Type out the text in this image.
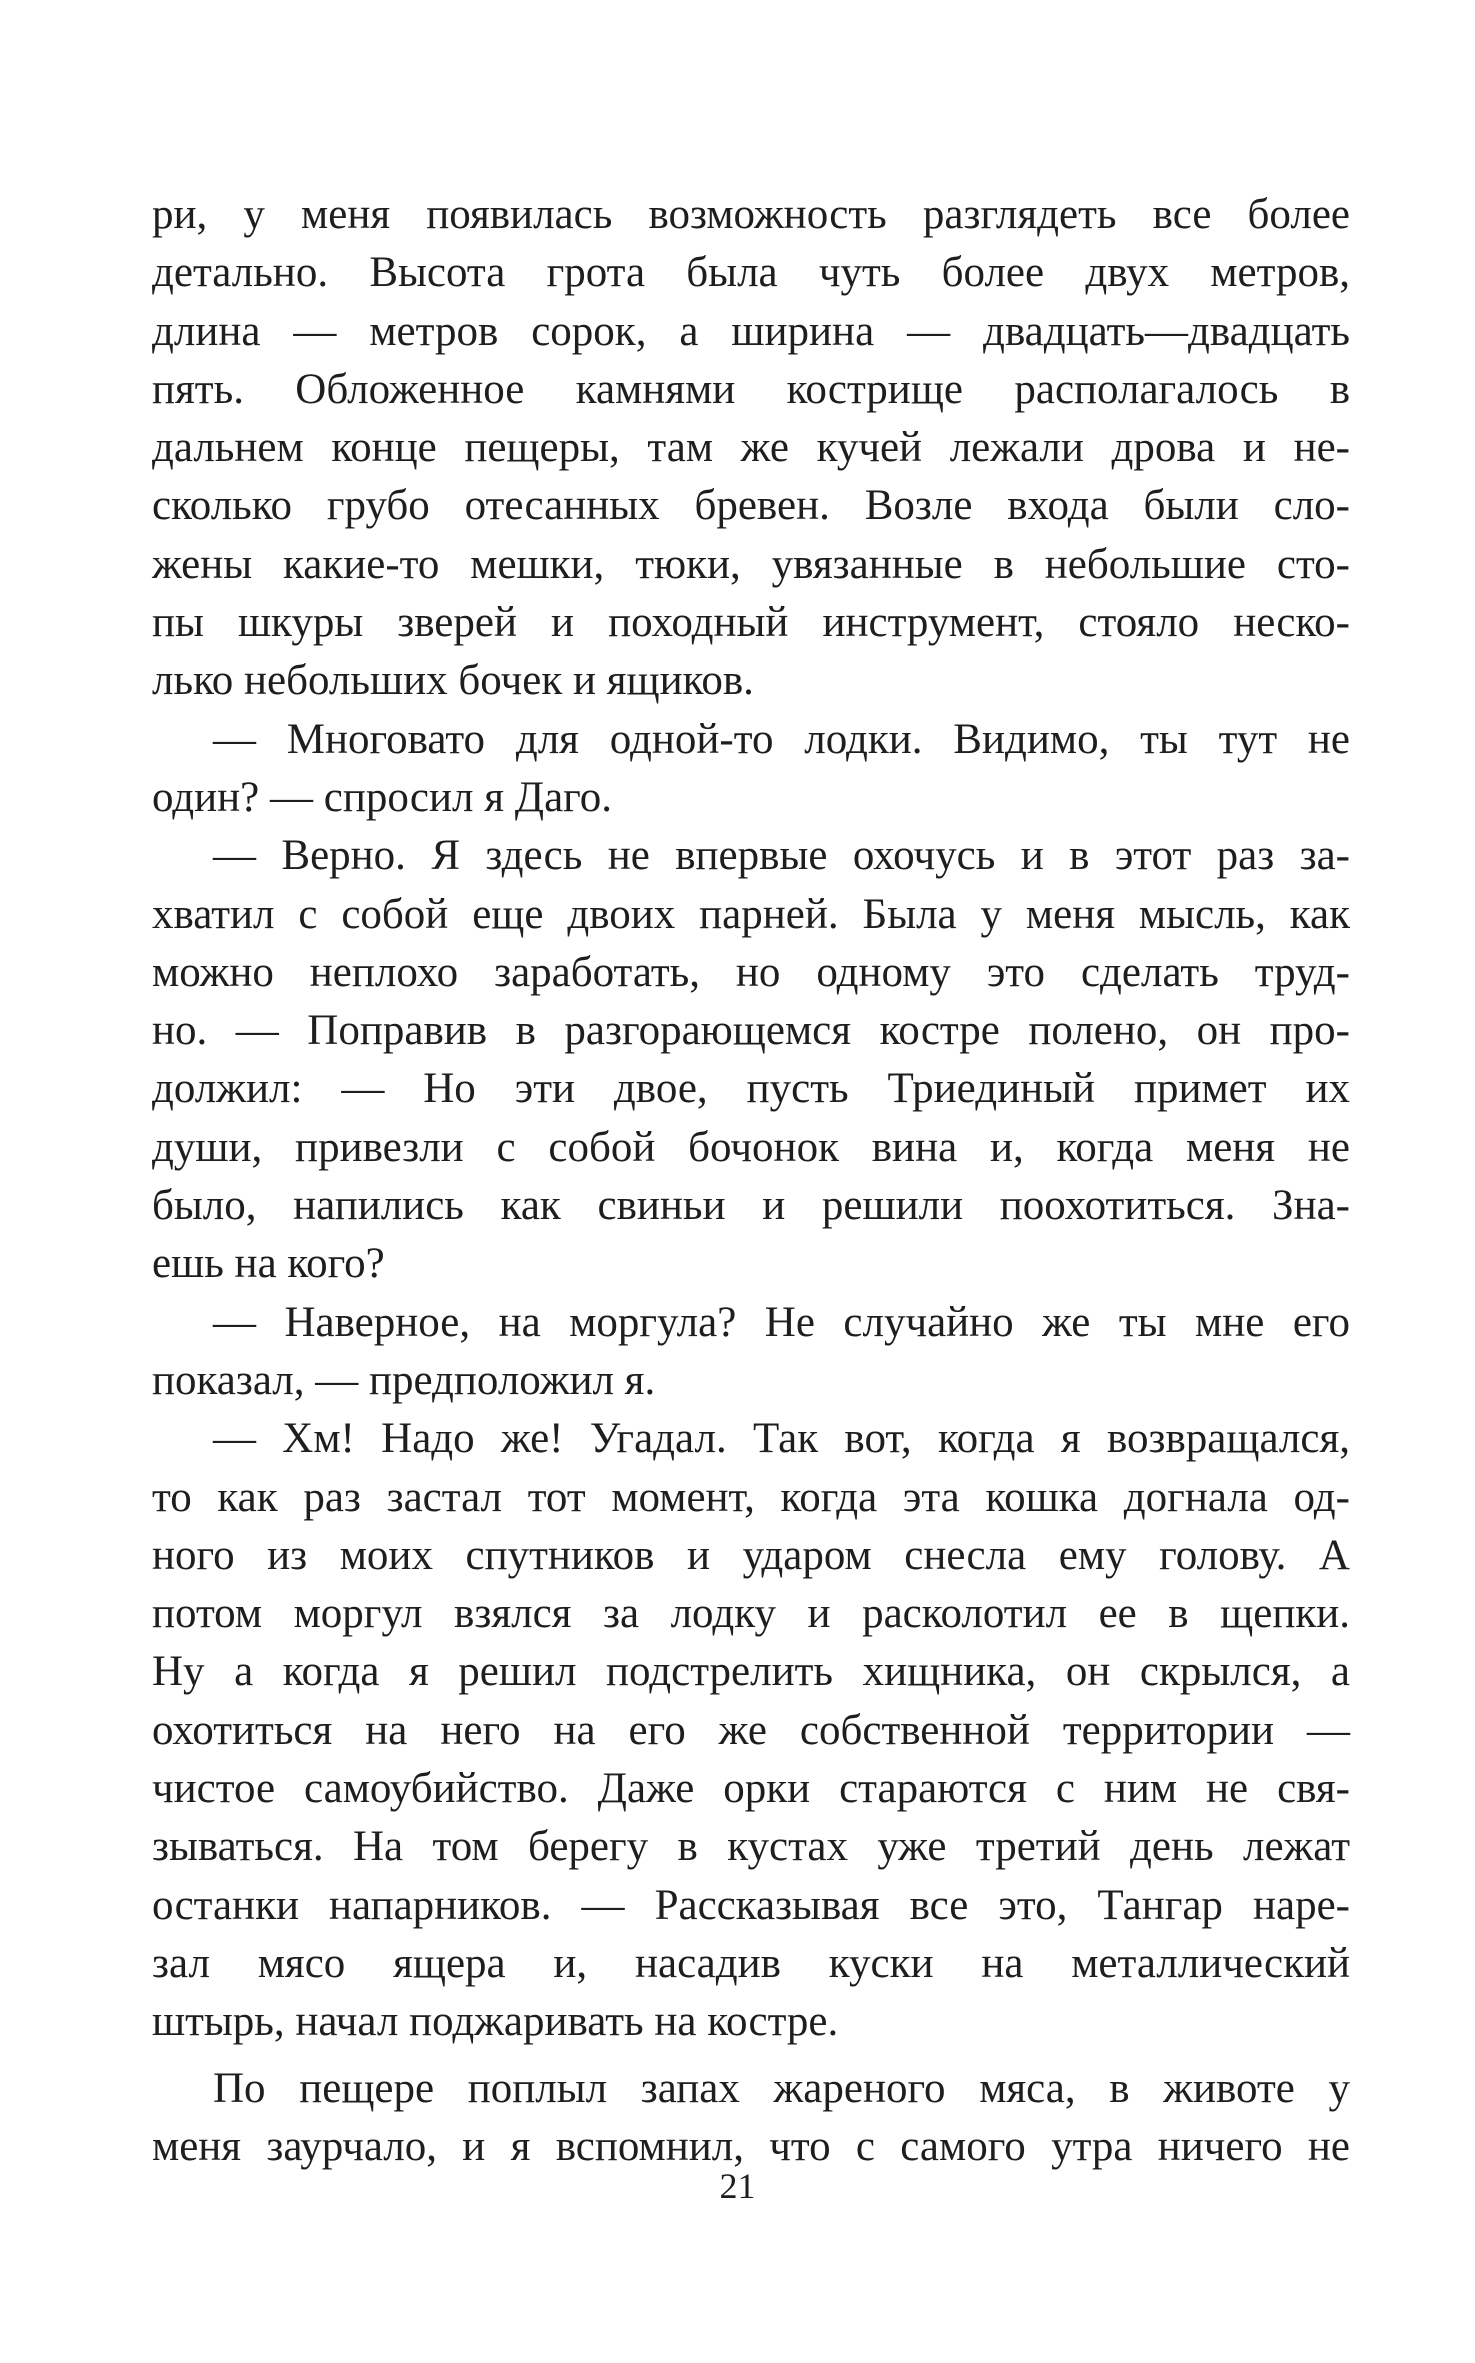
ри, у меня появилась возможность разглядеть все более
детально. Высота грота была чуть более двух метров,
длина — метров сорок, а ширина — двадцать—двадцать
пять. Обложенное камнями кострище располагалось в
дальнем конце пещеры, там же кучей лежали дрова и не-
сколько грубо отесанных бревен. Возле входа были сло-
жены какие-то мешки, тюки, увязанные в небольшие сто-
пы шкуры зверей и походный инструмент, стояло неско-
лько небольших бочек и ящиков.
— Многовато для одной-то лодки. Видимо, ты тут не
один? — спросил я Даго.
— Верно. Я здесь не впервые охочусь и в этот раз за-
хватил с собой еще двоих парней. Была у меня мысль, как
можно неплохо заработать, но одному это сделать труд-
но. — Поправив в разгорающемся костре полено, он про-
должил: — Но эти двое, пусть Триединый примет их
души, привезли с собой бочонок вина и, когда меня не
было, напились как свиньи и решили поохотиться. Зна-
ешь на кого?
— Наверное, на моргула? Не случайно же ты мне его
показал, — предположил я.
— Хм! Надо же! Угадал. Так вот, когда я возвращался,
то как раз застал тот момент, когда эта кошка догнала од-
ного из моих спутников и ударом снесла ему голову. А
потом моргул взялся за лодку и расколотил ее в щепки.
Ну а когда я решил подстрелить хищника, он скрылся, а
охотиться на него на его же собственной территории —
чистое самоубийство. Даже орки стараются с ним не свя-
зываться. На том берегу в кустах уже третий день лежат
останки напарников. — Рассказывая все это, Тангар наре-
зал мясо ящера и, насадив куски на металлический
штырь, начал поджаривать на костре.
По пещере поплыл запах жареного мяса, в животе у
меня заурчало, и я вспомнил, что с самого утра ничего не
21
